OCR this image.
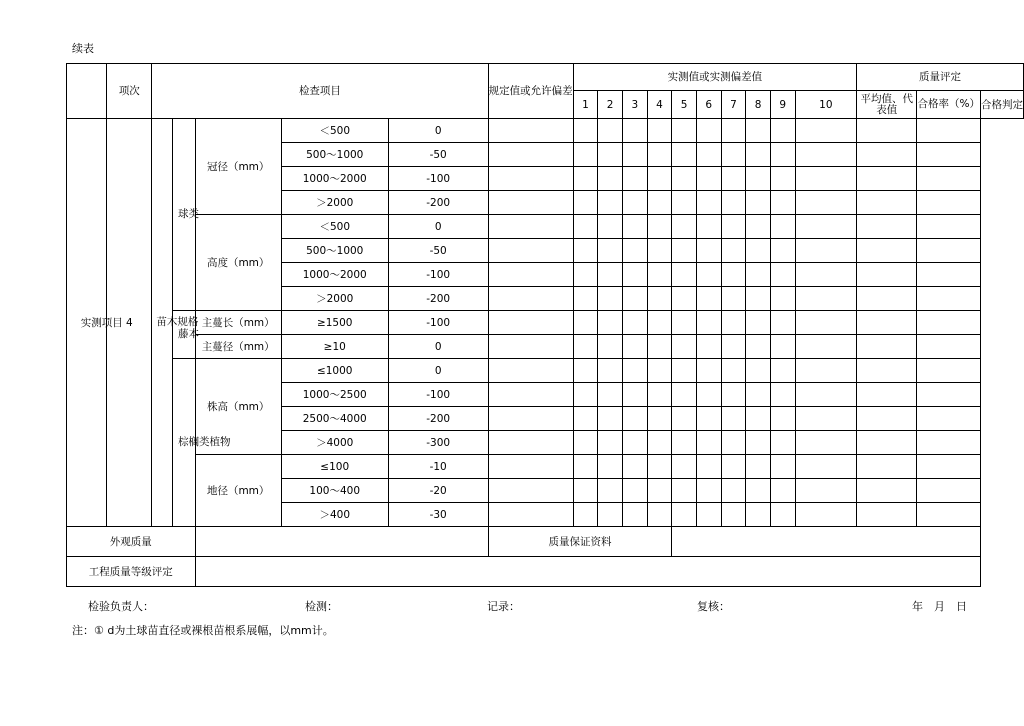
续表
	项次	检查项目					规定值或允许偏差	实测值或实测偏差值										质量评定		
								1	2	3	4	5	6	7	8	9	10	平均值、代表值	合格率（%）	合格判定

实测项目	4	苗木规格	球类	冠径（mm）	＜500	0														
					500～1000	-50														
					1000～2000	-100														
					＞2000	-200														
				高度（mm）	＜500	0														
					500～1000	-50														
					1000～2000	-100														
					＞2000	-200														

			藤本	主蔓长（mm）	≥1500	-100														
				主蔓径（mm）	≥10	0														

			棕榈类植物	株高（mm）	≤1000	0														
					1000～2500	-100														
					2500～4000	-200														
					＞4000	-300														
				地径（mm）	≤100	-10														
					100～400	-20														
					＞400	-30														
外观质量							质量保证资料													
工程质量等级评定																				
检验负责人：	检测：	记录：	复核：	年　月　日
注：① d为土球苗直径或裸根苗根系展幅，以mm计。
